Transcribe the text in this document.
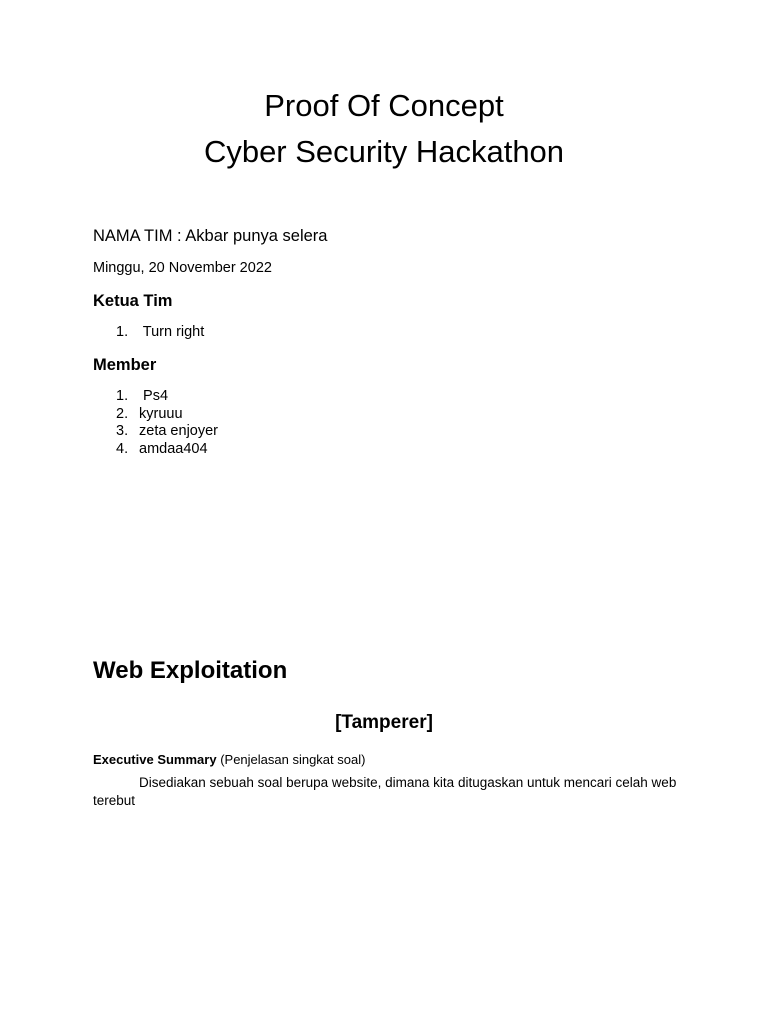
Proof Of Concept
Cyber Security Hackathon
NAMA TIM : Akbar punya selera
Minggu, 20 November 2022
Ketua Tim
1. Turn right
Member
1. Ps4
2. kyruuu
3. zeta enjoyer
4. amdaa404
Web Exploitation
[Tamperer]
Executive Summary (Penjelasan singkat soal)

Disediakan sebuah soal berupa website, dimana kita ditugaskan untuk mencari celah web terebut
